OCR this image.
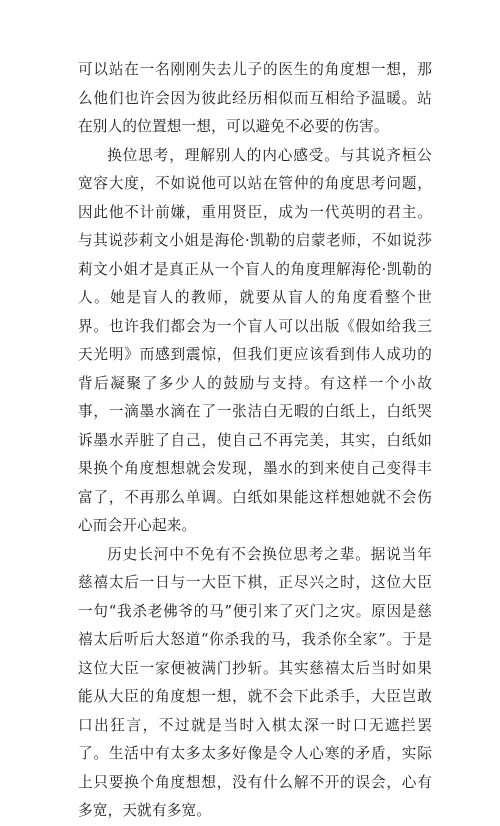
可以站在一名刚刚失去儿子的医生的角度想一想，那么他们也许会因为彼此经历相似而互相给予温暖。站在别人的位置想一想，可以避免不必要的伤害。

换位思考，理解别人的内心感受。与其说齐桓公宽容大度，不如说他可以站在管仲的角度思考问题，因此他不计前嫌，重用贤臣，成为一代英明的君主。与其说莎莉文小姐是海伦·凯勒的启蒙老师，不如说莎莉文小姐才是真正从一个盲人的角度理解海伦·凯勒的人。她是盲人的教师，就要从盲人的角度看整个世界。也许我们都会为一个盲人可以出版《假如给我三天光明》而感到震惊，但我们更应该看到伟人成功的背后凝聚了多少人的鼓励与支持。有这样一个小故事，一滴墨水滴在了一张洁白无暇的白纸上，白纸哭诉墨水弄脏了自己，使自己不再完美，其实，白纸如果换个角度想想就会发现，墨水的到来使自己变得丰富了，不再那么单调。白纸如果能这样想她就不会伤心而会开心起来。

历史长河中不免有不会换位思考之辈。据说当年慈禧太后一日与一大臣下棋，正尽兴之时，这位大臣一句“我杀老佛爷的马”便引来了灭门之灾。原因是慈禧太后听后大怒道“你杀我的马，我杀你全家”。于是这位大臣一家便被满门抄斩。其实慈禧太后当时如果能从大臣的角度想一想，就不会下此杀手，大臣岂敢口出狂言，不过就是当时入棋太深一时口无遮拦罢了。生活中有太多太多好像是令人心寒的矛盾，实际上只要换个角度想想，没有什么解不开的误会，心有多宽，天就有多宽。
